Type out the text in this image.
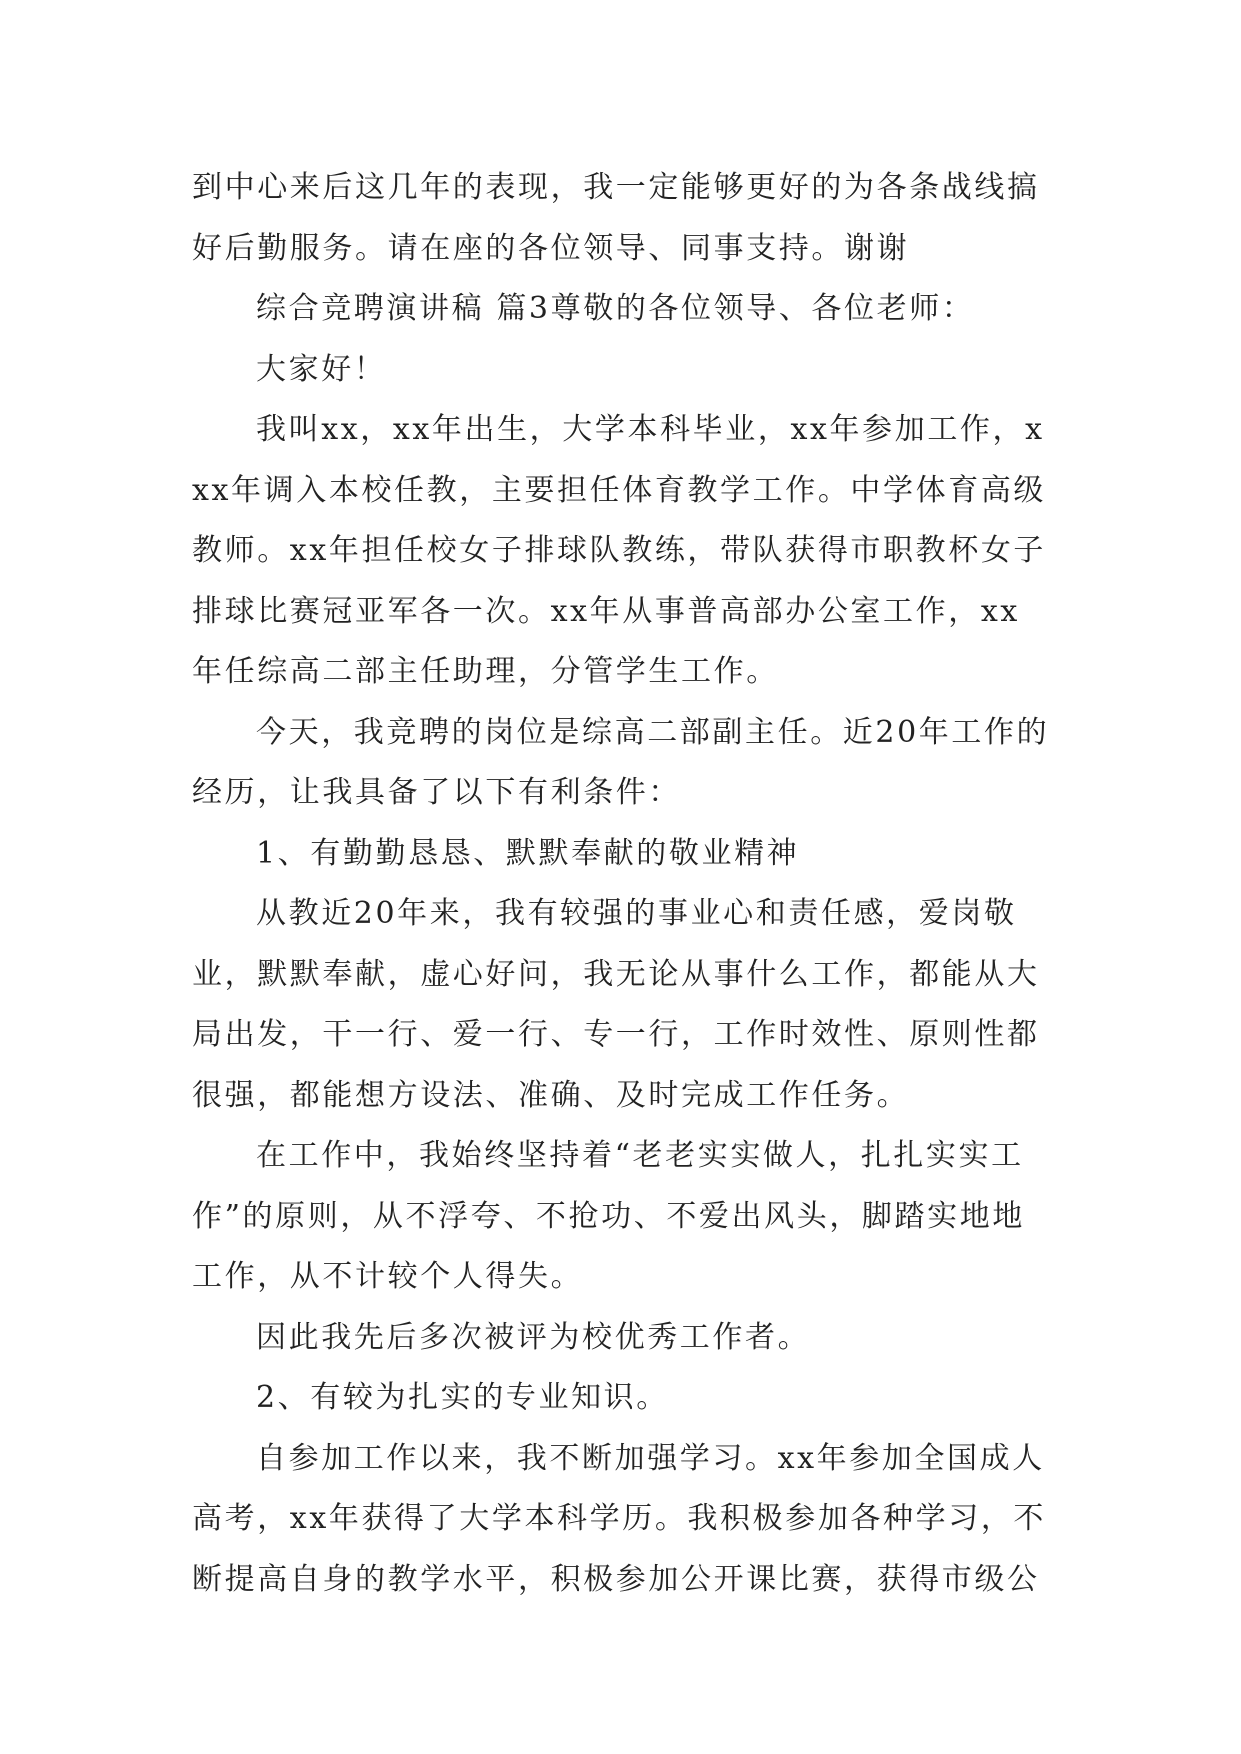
到中心来后这几年的表现，我一定能够更好的为各条战线搞好后勤服务。请在座的各位领导、同事支持。谢谢

综合竞聘演讲稿 篇3尊敬的各位领导、各位老师：

大家好！

我叫xx，xx年出生，大学本科毕业，xx年参加工作，xxx年调入本校任教，主要担任体育教学工作。中学体育高级教师。xx年担任校女子排球队教练，带队获得市职教杯女子排球比赛冠亚军各一次。xx年从事普高部办公室工作，xx年任综高二部主任助理，分管学生工作。

今天，我竞聘的岗位是综高二部副主任。近20年工作的经历，让我具备了以下有利条件：

1、有勤勤恳恳、默默奉献的敬业精神

从教近20年来，我有较强的事业心和责任感，爱岗敬业，默默奉献，虚心好问，我无论从事什么工作，都能从大局出发，干一行、爱一行、专一行，工作时效性、原则性都很强，都能想方设法、准确、及时完成工作任务。

在工作中，我始终坚持着“老老实实做人，扎扎实实工作”的原则，从不浮夸、不抢功、不爱出风头，脚踏实地地工作，从不计较个人得失。

因此我先后多次被评为校优秀工作者。

2、有较为扎实的专业知识。

自参加工作以来，我不断加强学习。xx年参加全国成人高考，xx年获得了大学本科学历。我积极参加各种学习，不断提高自身的教学水平，积极参加公开课比赛，获得市级公
